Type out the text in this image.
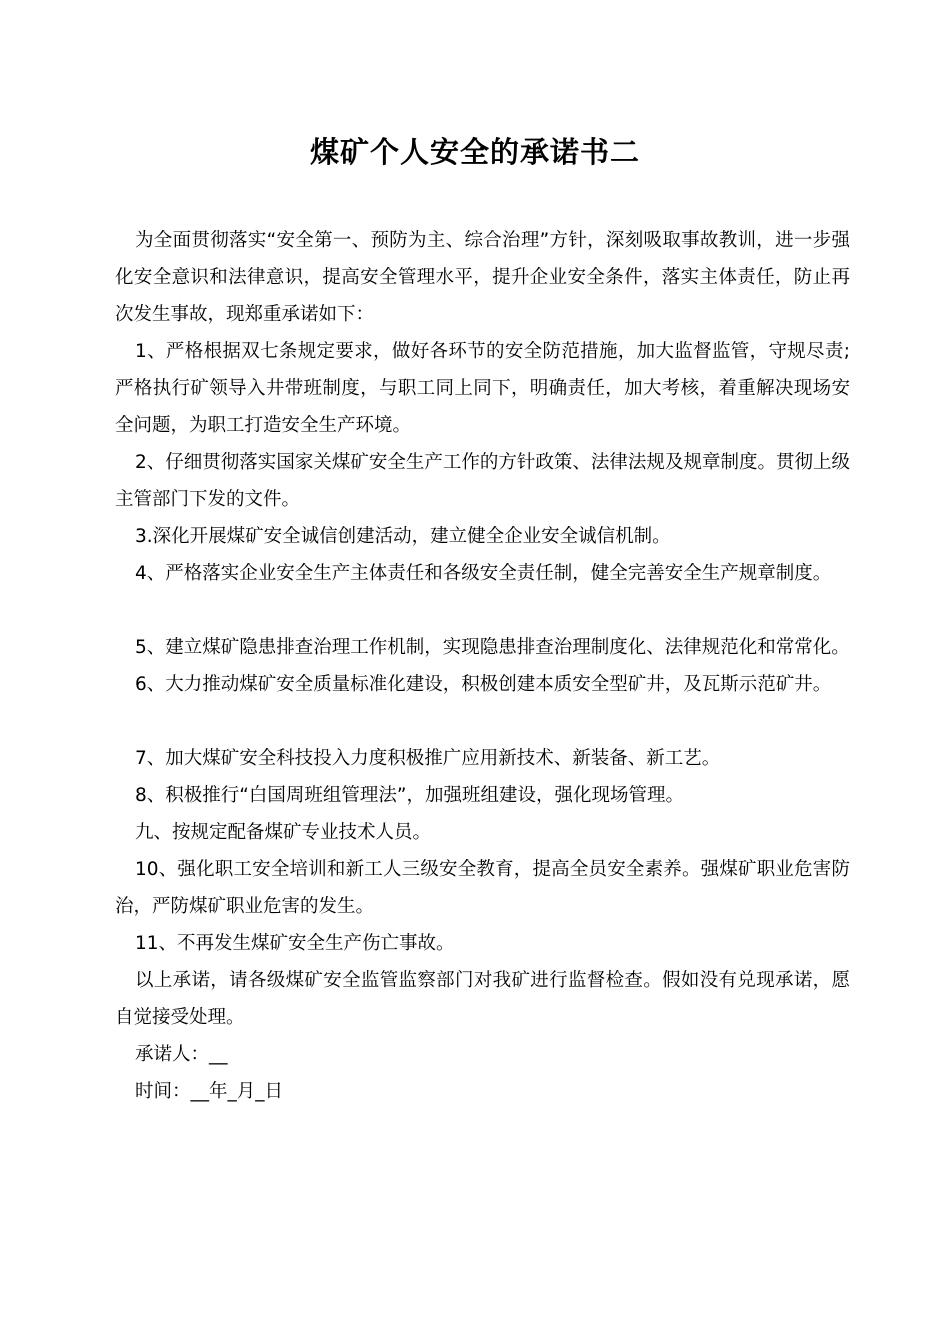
煤矿个人安全的承诺书二

为全面贯彻落实“安全第一、预防为主、综合治理”方针，深刻吸取事故教训，进一步强化安全意识和法律意识，提高安全管理水平，提升企业安全条件，落实主体责任，防止再次发生事故，现郑重承诺如下：

1、严格根据双七条规定要求，做好各环节的安全防范措施，加大监督监管，守规尽责;严格执行矿领导入井带班制度，与职工同上同下，明确责任，加大考核，着重解决现场安全问题，为职工打造安全生产环境。

2、仔细贯彻落实国家关煤矿安全生产工作的方针政策、法律法规及规章制度。贯彻上级主管部门下发的文件。

3.深化开展煤矿安全诚信创建活动，建立健全企业安全诚信机制。

4、严格落实企业安全生产主体责任和各级安全责任制，健全完善安全生产规章制度。

5、建立煤矿隐患排查治理工作机制，实现隐患排查治理制度化、法律规范化和常常化。

6、大力推动煤矿安全质量标准化建设，积极创建本质安全型矿井，及瓦斯示范矿井。

7、加大煤矿安全科技投入力度积极推广应用新技术、新装备、新工艺。

8、积极推行“白国周班组管理法”，加强班组建设，强化现场管理。

九、按规定配备煤矿专业技术人员。

10、强化职工安全培训和新工人三级安全教育，提高全员安全素养。强煤矿职业危害防治，严防煤矿职业危害的发生。

11、不再发生煤矿安全生产伤亡事故。

以上承诺，请各级煤矿安全监管监察部门对我矿进行监督检查。假如没有兑现承诺，愿自觉接受处理。

承诺人：__

时间：__年_月_日
